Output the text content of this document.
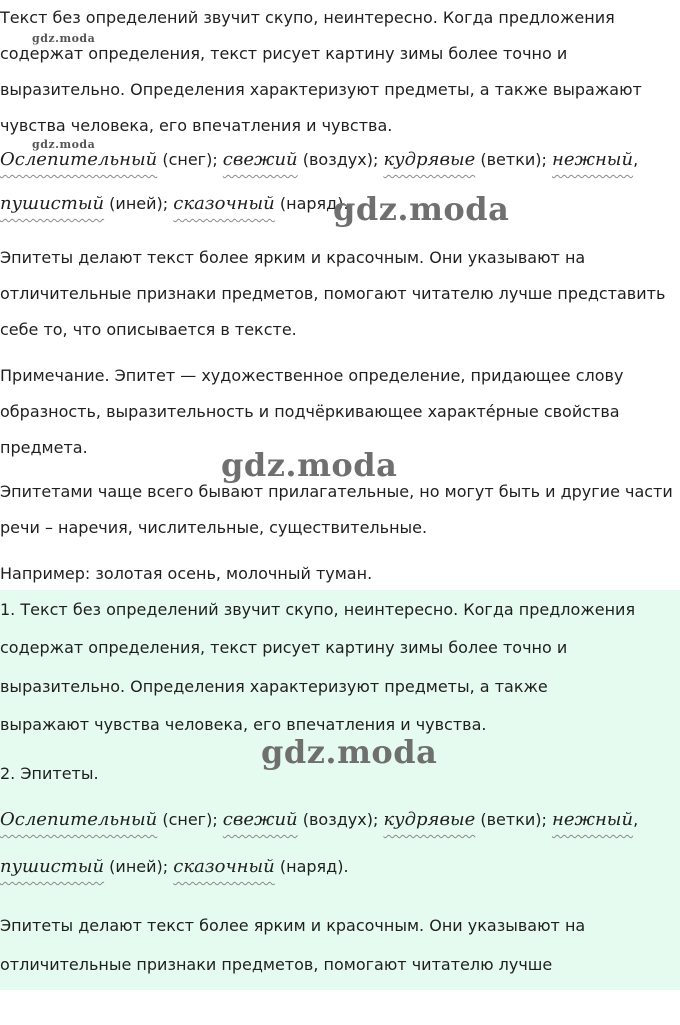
Текст без определений звучит скупо, неинтересно. Когда предложения
содержат определения, текст рисует картину зимы более точно и
выразительно. Определения характеризуют предметы, а также выражают
чувства человека, его впечатления и чувства.
Ослепительный (снег); свежий (воздух); кудрявые (ветки); нежный,
пушистый (иней); сказочный (наряд).
Эпитеты делают текст более ярким и красочным. Они указывают на
отличительные признаки предметов, помогают читателю лучше представить
себе то, что описывается в тексте.
Примечание. Эпитет — художественное определение, придающее слову
образность, выразительность и подчёркивающее характе́рные свойства
предмета.
Эпитетами чаще всего бывают прилагательные, но могут быть и другие части
речи – наречия, числительные, существительные.
Например: золотая осень, молочный туман.
1. Текст без определений звучит скупо, неинтересно. Когда предложения
содержат определения, текст рисует картину зимы более точно и
выразительно. Определения характеризуют предметы, а также
выражают чувства человека, его впечатления и чувства.
2. Эпитеты.
Ослепительный (снег); свежий (воздух); кудрявые (ветки); нежный,
пушистый (иней); сказочный (наряд).
Эпитеты делают текст более ярким и красочным. Они указывают на
отличительные признаки предметов, помогают читателю лучше
gdz.moda
gdz.moda
gdz.moda
gdz.moda
gdz.moda
